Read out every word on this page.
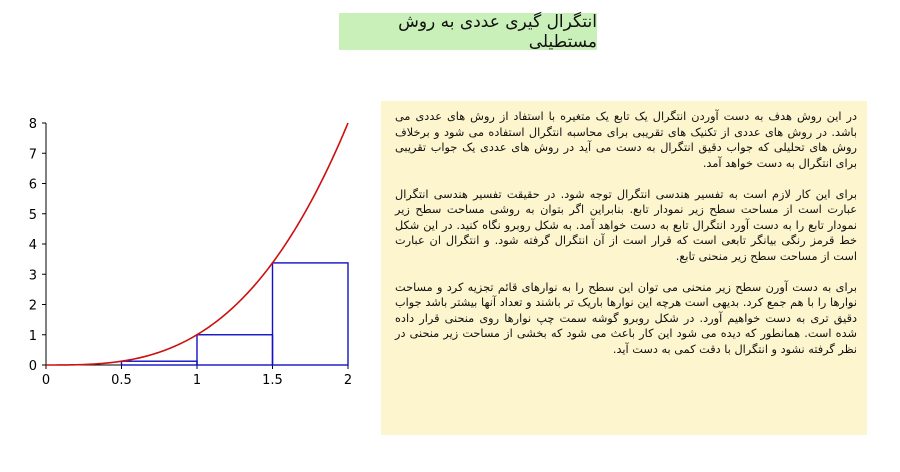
انتگرال گیری عددی به روش مستطیلی
0	0.5	1	1.5	2
0
1
2
3
4
5
6
7
8

در این روش هدف به دست آوردن انتگرال یک تابع یک متغیره با استفاد از روش های عددی می باشد. در روش های عددی از تکنیک های تقریبی برای محاسبه انتگرال استفاده می شود و برخلاف روش های تحلیلی که جواب دقیق انتگرال به دست می آید در روش های عددی یک جواب تقریبی برای انتگرال به دست خواهد آمد.

برای این کار لازم است به تفسیر هندسی انتگرال توجه شود. در حقیقت تفسیر هندسی انتگرال عبارت است از مساحت سطح زیر نمودار تابع. بنابراین اگر بتوان به روشی مساحت سطح زیر نمودار تابع را به دست آورد انتگرال تابع به دست خواهد آمد. به شکل روبرو نگاه کنید. در این شکل خط قرمز رنگی بیانگر تابعی است که قرار است از آن انتگرال گرفته شود. و انتگرال ان عبارت است از مساحت سطح زیر منحنی تابع.

برای به دست آورن سطح زیر منحنی می توان این سطح را به نوارهای قائم تجزیه کرد و مساحت نوارها را با هم جمع کرد. بدیهی است هرچه این نوارها باریک تر باشند و تعداد آنها بیشتر باشد جواب دقیق تری به دست خواهیم آورد. در شکل روبرو گوشه سمت چپ نوارها روی منحنی قرار داده شده است. همانطور که دیده می شود این کار باعث می شود که بخشی از مساحت زیر منحنی در نظر گرفته نشود و انتگرال با دقت کمی به دست آید.
